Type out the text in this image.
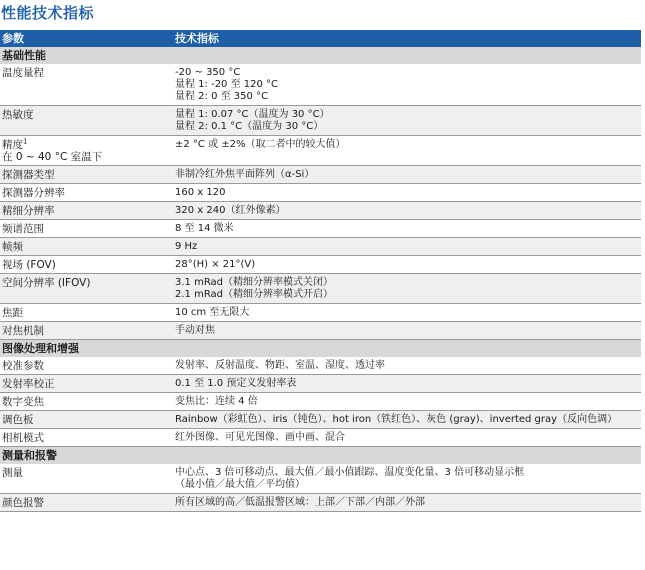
性能技术指标
参数	技术指标
基础性能	
温度量程	-20 ~ 350 °C
量程 1: -20 至 120 °C
量程 2: 0 至 350 °C

热敏度	量程 1: 0.07 °C（温度为 30 °C）
量程 2: 0.1 °C（温度为 30 °C）

精度$^1$
在 0 ~ 40 °C 室温下	±2 °C 或 ±2%（取二者中的较大值）

探测器类型	非制冷红外焦平面阵列（α-Si）

探测器分辨率	160 x 120

精细分辨率	320 x 240（红外像素）

频谱范围	8 至 14 微米

帧频	9 Hz

视场 (FOV)	28°(H) × 21°(V)

空间分辨率 (IFOV)	3.1 mRad（精细分辨率模式关闭）
2.1 mRad（精细分辨率模式开启）

焦距	10 cm 至无限大

对焦机制	手动对焦

图像处理和增强	
校准参数	发射率、反射温度、物距、室温、湿度、透过率

发射率校正	0.1 至 1.0 预定义发射率表

数字变焦	变焦比：连续 4 倍

调色板	Rainbow（彩虹色）、iris（钝色）、hot iron（铁红色）、灰色 (gray)、inverted gray（反向色调）

相机模式	红外图像、可见光图像、画中画、混合

测量和报警	
测量	中心点、3 倍可移动点、最大值／最小值跟踪、温度变化量、3 倍可移动显示框
（最小值／最大值／平均值）

颜色报警	所有区域的高／低温报警区域：上部／下部／内部／外部
